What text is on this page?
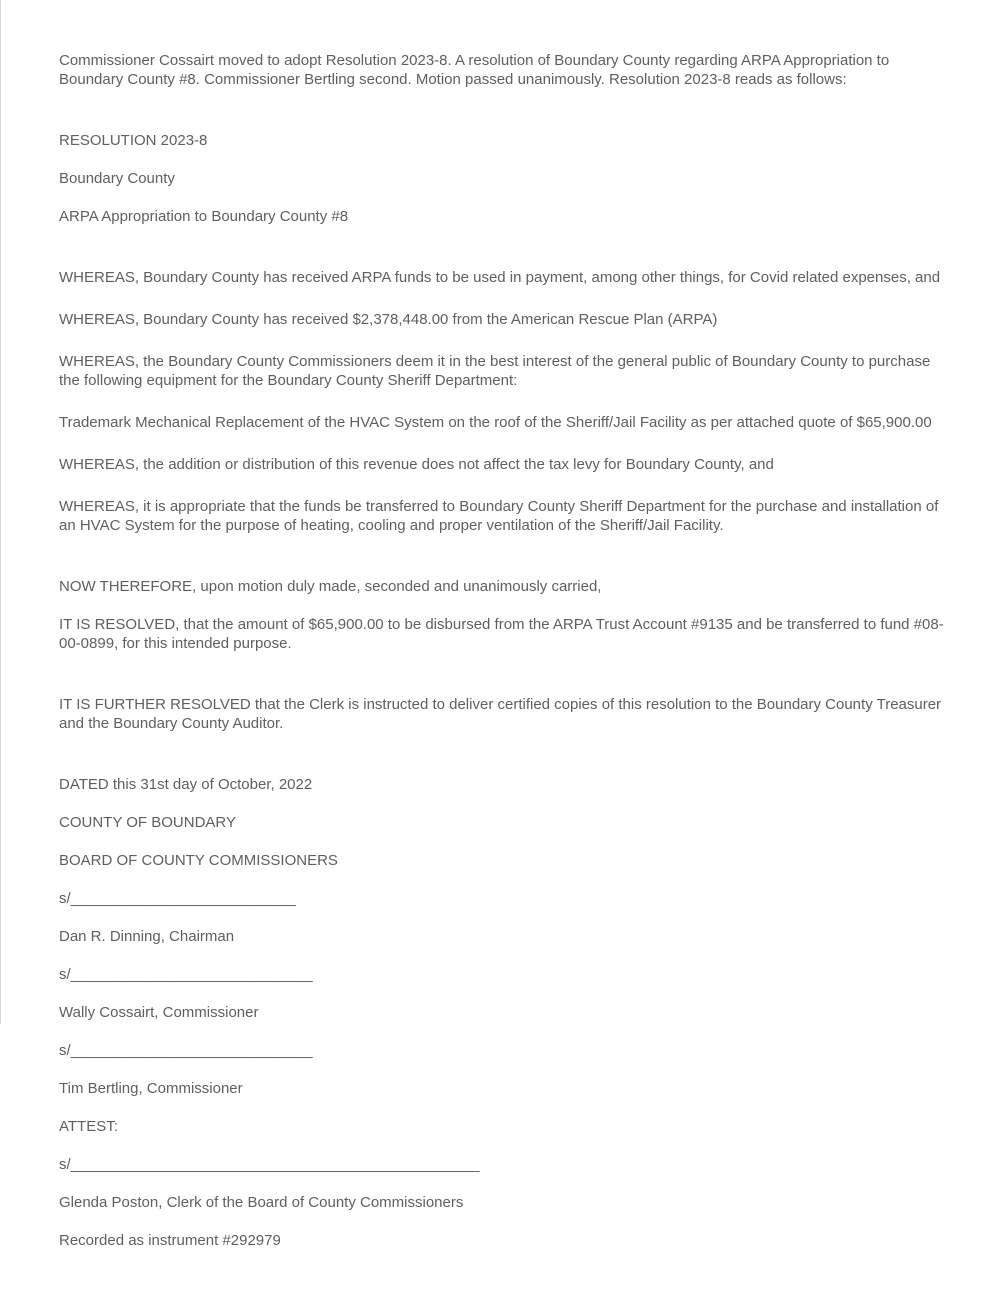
Commissioner Cossairt moved to adopt Resolution 2023-8. A resolution of Boundary County regarding ARPA Appropriation to Boundary County #8. Commissioner Bertling second. Motion passed unanimously. Resolution 2023-8 reads as follows:

RESOLUTION 2023-8

Boundary County

ARPA Appropriation to Boundary County #8

WHEREAS, Boundary County has received ARPA funds to be used in payment, among other things, for Covid related expenses, and

WHEREAS, Boundary County has received $2,378,448.00 from the American Rescue Plan (ARPA)

WHEREAS, the Boundary County Commissioners deem it in the best interest of the general public of Boundary County to purchase the following equipment for the Boundary County Sheriff Department:

Trademark Mechanical Replacement of the HVAC System on the roof of the Sheriff/Jail Facility as per attached quote of $65,900.00

WHEREAS, the addition or distribution of this revenue does not affect the tax levy for Boundary County, and

WHEREAS, it is appropriate that the funds be transferred to Boundary County Sheriff Department for the purchase and installation of an HVAC System for the purpose of heating, cooling and proper ventilation of the Sheriff/Jail Facility.

NOW THEREFORE, upon motion duly made, seconded and unanimously carried,

IT IS RESOLVED, that the amount of $65,900.00 to be disbursed from the ARPA Trust Account #9135 and be transferred to fund #08-00-0899, for this intended purpose.

IT IS FURTHER RESOLVED that the Clerk is instructed to deliver certified copies of this resolution to the Boundary County Treasurer and the Boundary County Auditor.

DATED this 31st day of October, 2022

COUNTY OF BOUNDARY

BOARD OF COUNTY COMMISSIONERS

s/___________________________

Dan R. Dinning, Chairman

s/_____________________________

Wally Cossairt, Commissioner

s/_____________________________

Tim Bertling, Commissioner

ATTEST:

s/_________________________________________________

Glenda Poston, Clerk of the Board of County Commissioners

Recorded as instrument #292979
